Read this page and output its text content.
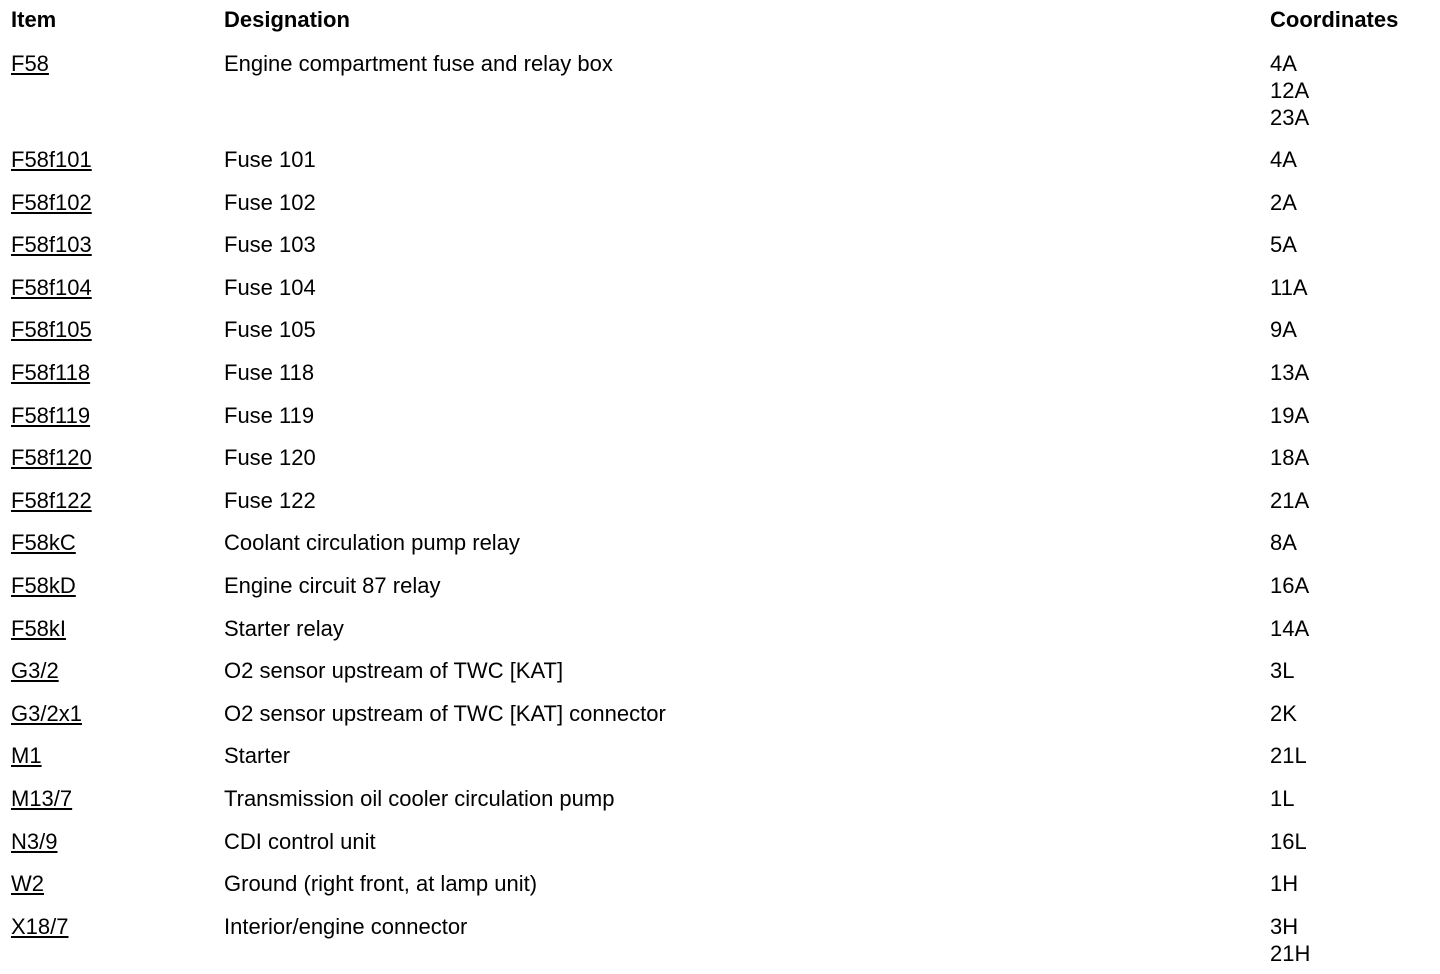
Item	Designation	Coordinates
F58	Engine compartment fuse and relay box	4A
12A
23A
F58f101	Fuse 101	4A
F58f102	Fuse 102	2A
F58f103	Fuse 103	5A
F58f104	Fuse 104	11A
F58f105	Fuse 105	9A
F58f118	Fuse 118	13A
F58f119	Fuse 119	19A
F58f120	Fuse 120	18A
F58f122	Fuse 122	21A
F58kC	Coolant circulation pump relay	8A
F58kD	Engine circuit 87 relay	16A
F58kI	Starter relay	14A
G3/2	O2 sensor upstream of TWC [KAT]	3L
G3/2x1	O2 sensor upstream of TWC [KAT] connector	2K
M1	Starter	21L
M13/7	Transmission oil cooler circulation pump	1L
N3/9	CDI control unit	16L
W2	Ground (right front, at lamp unit)	1H
X18/7	Interior/engine connector	3H
21H
